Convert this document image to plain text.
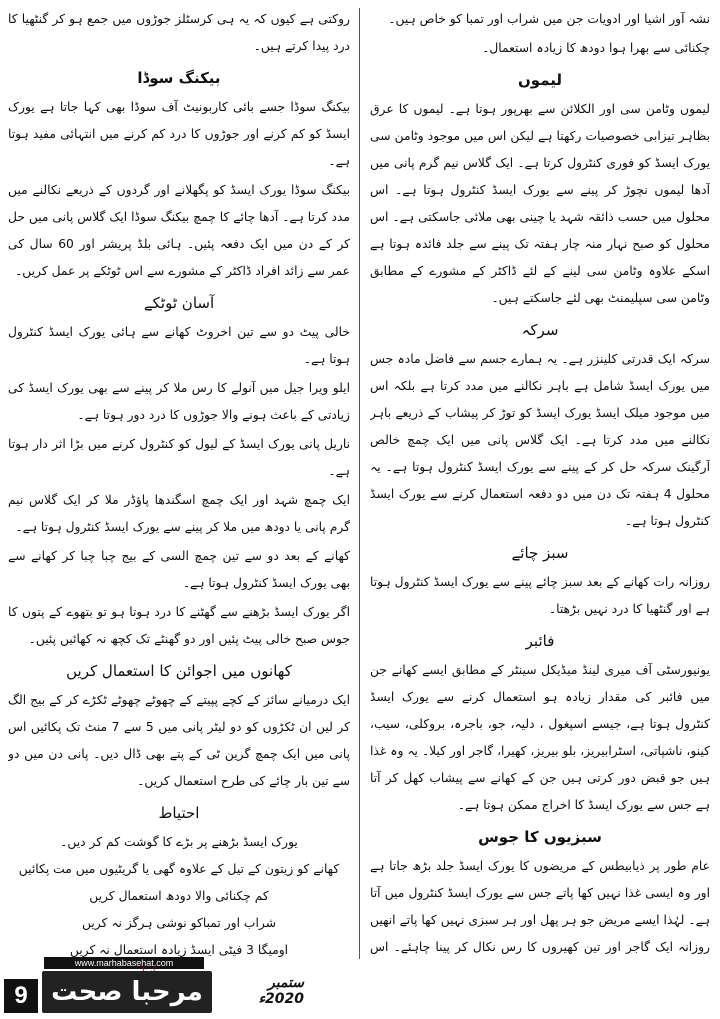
نشہ آور اشیا اور ادویات جن میں شراب اور تمبا کو خاص ہیں۔

چکنائی سے بھرا ہوا دودھ کا زیادہ استعمال۔

لیموں

لیموں وٹامن سی اور الکلائن سے بھرپور ہوتا ہے۔ لیموں کا عرق بظاہر تیزابی خصوصیات رکھتا ہے لیکن اس میں موجود وٹامن سی یورک ایسڈ کو فوری کنٹرول کرتا ہے۔ ایک گلاس نیم گرم پانی میں آدھا لیموں نچوڑ کر پینے سے یورک ایسڈ کنٹرول ہوتا ہے۔ اس محلول میں حسب ذائقہ شہد یا چینی بھی ملائی جاسکتی ہے۔ اس محلول کو صبح نہار منہ چار ہفتہ تک پینے سے جلد فائدہ ہوتا ہے اسکے علاوہ وٹامن سی لینے کے لئے ڈاکٹر کے مشورے کے مطابق وٹامن سی سپلیمنٹ بھی لئے جاسکتے ہیں۔

سرکہ

سرکہ ایک قدرتی کلینزر ہے۔ یہ ہمارے جسم سے فاضل مادہ جس میں یورک ایسڈ شامل ہے باہر نکالنے میں مدد کرتا ہے بلکہ اس میں موجود میلک ایسڈ یورک ایسڈ کو توڑ کر پیشاب کے ذریعے باہر نکالنے میں مدد کرتا ہے۔ ایک گلاس پانی میں ایک چمچ خالص آرگینک سرکہ حل کر کے پینے سے یورک ایسڈ کنٹرول ہوتا ہے۔ یہ محلول 4 ہفتہ تک دن میں دو دفعہ استعمال کرنے سے یورک ایسڈ کنٹرول ہوتا ہے۔

سبز چائے

روزانہ رات کھانے کے بعد سبز چائے پینے سے یورک ایسڈ کنٹرول ہوتا ہے اور گنٹھیا کا درد نہیں بڑھتا۔

فائبر

یونیورسٹی آف میری لینڈ میڈیکل سینٹر کے مطابق ایسے کھانے جن میں فائبر کی مقدار زیادہ ہو استعمال کرنے سے یورک ایسڈ کنٹرول ہوتا ہے، جیسے اسپغول ، دلیہ، جو، باجرہ، بروکلی، سیب، کینو، ناشپاتی، اسٹرابیریز، بلو بیریز، کھیرا، گاجر اور کیلا۔ یہ وہ غذا ہیں جو قبض دور کرتی ہیں جن کے کھانے سے پیشاب کھل کر آتا ہے جس سے یورک ایسڈ کا اخراج ممکن ہوتا ہے۔

سبزیوں کا جوس

عام طور پر ذیابیطس کے مریضوں کا یورک ایسڈ جلد بڑھ جاتا ہے اور وہ ایسی غذا نہیں کھا پاتے جس سے یورک ایسڈ کنٹرول میں آتا ہے۔ لہٰذا ایسے مریض جو ہر پھل اور ہر سبزی نہیں کھا پاتے انھیں روزانہ ایک گاجر اور تین کھیروں کا رس نکال کر پینا چاہئے۔ اس

روکتی ہے کیوں کہ یہ ہی کرسٹلز جوڑوں میں جمع ہو کر گنٹھیا کا درد پیدا کرتے ہیں۔

بیکنگ سوڈا

بیکنگ سوڈا جسے بائی کاربونیٹ آف سوڈا بھی کہا جاتا ہے یورک ایسڈ کو کم کرنے اور جوڑوں کا درد کم کرنے میں انتہائی مفید ہوتا ہے۔

بیکنگ سوڈا یورک ایسڈ کو پگھلانے اور گردوں کے ذریعے نکالنے میں مدد کرتا ہے۔ آدھا چائے کا چمچ بیکنگ سوڈا ایک گلاس پانی میں حل کر کے دن میں ایک دفعہ پئیں۔ ہائی بلڈ پریشر اور 60 سال کی عمر سے زائد افراد ڈاکٹر کے مشورے سے اس ٹوٹکے پر عمل کریں۔

آسان ٹوٹکے

خالی پیٹ دو سے تین اخروٹ کھانے سے ہائی یورک ایسڈ کنٹرول ہوتا ہے۔

ایلو ویرا جیل میں آنولے کا رس ملا کر پینے سے بھی یورک ایسڈ کی زیادتی کے باعث ہونے والا جوڑوں کا درد دور ہوتا ہے۔

ناریل پانی یورک ایسڈ کے لیول کو کنٹرول کرنے میں بڑا اثر دار ہوتا ہے۔

ایک چمچ شہد اور ایک چمچ اسگندھا پاؤڈر ملا کر ایک گلاس نیم گرم پانی یا دودھ میں ملا کر پینے سے یورک ایسڈ کنٹرول ہوتا ہے۔

کھانے کے بعد دو سے تین چمچ السی کے بیج چبا چبا کر کھانے سے بھی یورک ایسڈ کنٹرول ہوتا ہے۔

اگر یورک ایسڈ بڑھنے سے گھٹنے کا درد ہوتا ہو تو بتھوے کے پتوں کا جوس صبح خالی پیٹ پئیں اور دو گھنٹے تک کچھ نہ کھائیں پئیں۔

کھانوں میں اجوائن کا استعمال کریں

ایک درمیانے سائز کے کچے پپیتے کے چھوٹے چھوٹے ٹکڑے کر کے بیج الگ کر لیں ان ٹکڑوں کو دو لیٹر پانی میں 5 سے 7 منٹ تک پکائیں اس پانی میں ایک چمچ گرین ٹی کے پتے بھی ڈال دیں۔ پانی دن میں دو سے تین بار چائے کی طرح استعمال کریں۔

احتیاط

یورک ایسڈ بڑھنے پر بڑے کا گوشت کم کر دیں۔

کھانے کو زیتون کے تیل کے علاوہ گھی یا گریٹیوں میں مت پکائیں

کم چکنائی والا دودھ استعمال کریں

شراب اور تمباکو نوشی ہرگز نہ کریں

اومیگا 3 فیٹی ایسڈ زیادہ استعمال نہ کریں

www.marhabasehat.com
مرحبا صحت
9	ستمبر 2020ء
